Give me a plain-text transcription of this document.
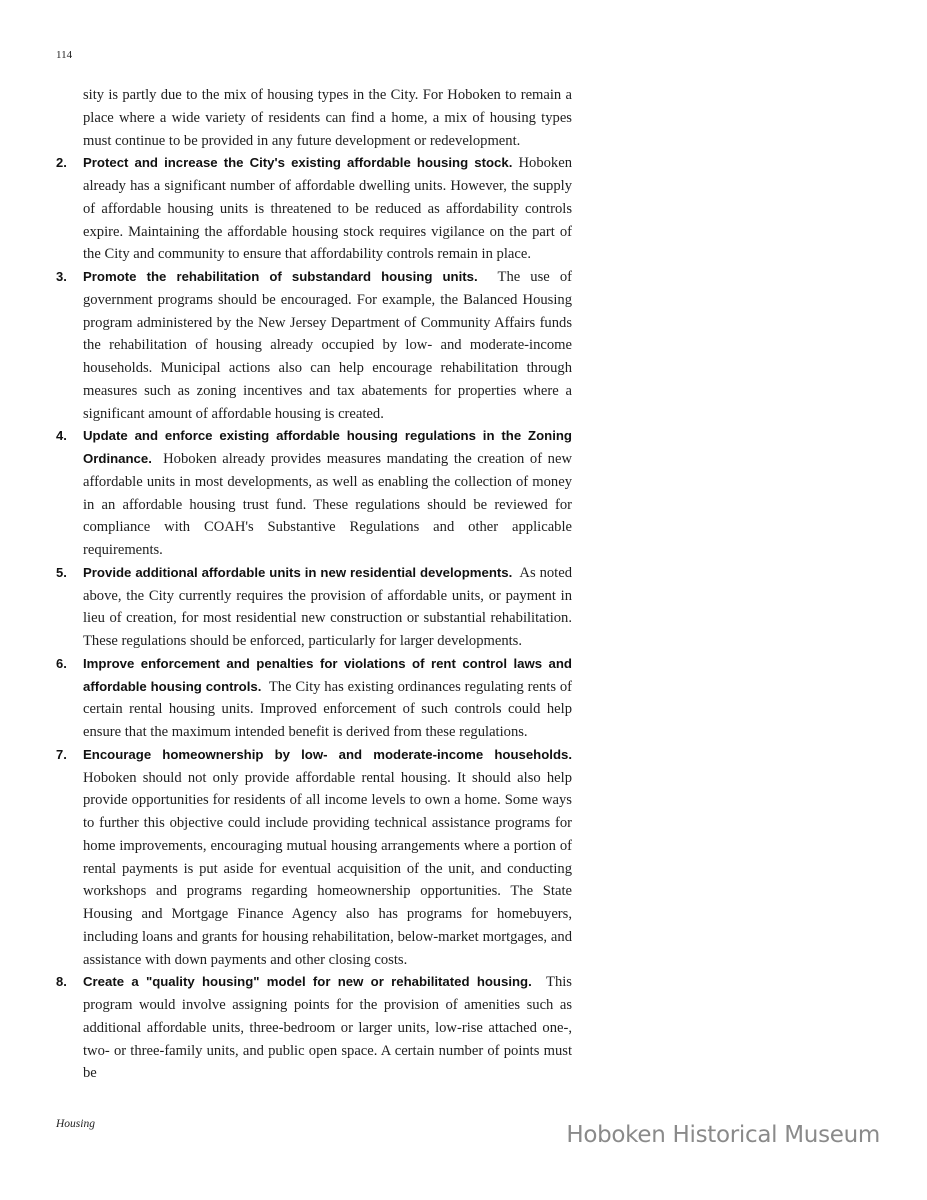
114
sity is partly due to the mix of housing types in the City. For Hoboken to remain a place where a wide variety of residents can find a home, a mix of housing types must continue to be provided in any future development or redevelopment.
2. Protect and increase the City's existing affordable housing stock. Hoboken already has a significant number of affordable dwelling units. However, the supply of affordable housing units is threatened to be reduced as affordability controls expire. Maintaining the affordable housing stock requires vigilance on the part of the City and community to ensure that affordability controls remain in place.
3. Promote the rehabilitation of substandard housing units. The use of government programs should be encouraged. For example, the Balanced Housing program administered by the New Jersey Department of Community Affairs funds the rehabilitation of housing already occupied by low- and moderate-income households. Municipal actions also can help encourage rehabilitation through measures such as zoning incentives and tax abatements for properties where a significant amount of affordable housing is created.
4. Update and enforce existing affordable housing regulations in the Zoning Ordinance. Hoboken already provides measures mandating the creation of new affordable units in most developments, as well as enabling the collection of money in an affordable housing trust fund. These regulations should be reviewed for compliance with COAH's Substantive Regulations and other applicable requirements.
5. Provide additional affordable units in new residential developments. As noted above, the City currently requires the provision of affordable units, or payment in lieu of creation, for most residential new construction or substantial rehabilitation. These regulations should be enforced, particularly for larger developments.
6. Improve enforcement and penalties for violations of rent control laws and affordable housing controls. The City has existing ordinances regulating rents of certain rental housing units. Improved enforcement of such controls could help ensure that the maximum intended benefit is derived from these regulations.
7. Encourage homeownership by low- and moderate-income households. Hoboken should not only provide affordable rental housing. It should also help provide opportunities for residents of all income levels to own a home. Some ways to further this objective could include providing technical assistance programs for home improvements, encouraging mutual housing arrangements where a portion of rental payments is put aside for eventual acquisition of the unit, and conducting workshops and programs regarding homeownership opportunities. The State Housing and Mortgage Finance Agency also has programs for homebuyers, including loans and grants for housing rehabilitation, below-market mortgages, and assistance with down payments and other closing costs.
8. Create a "quality housing" model for new or rehabilitated housing. This program would involve assigning points for the provision of amenities such as additional affordable units, three-bedroom or larger units, low-rise attached one-, two- or three-family units, and public open space. A certain number of points must be
Housing	Hoboken Historical Museum
